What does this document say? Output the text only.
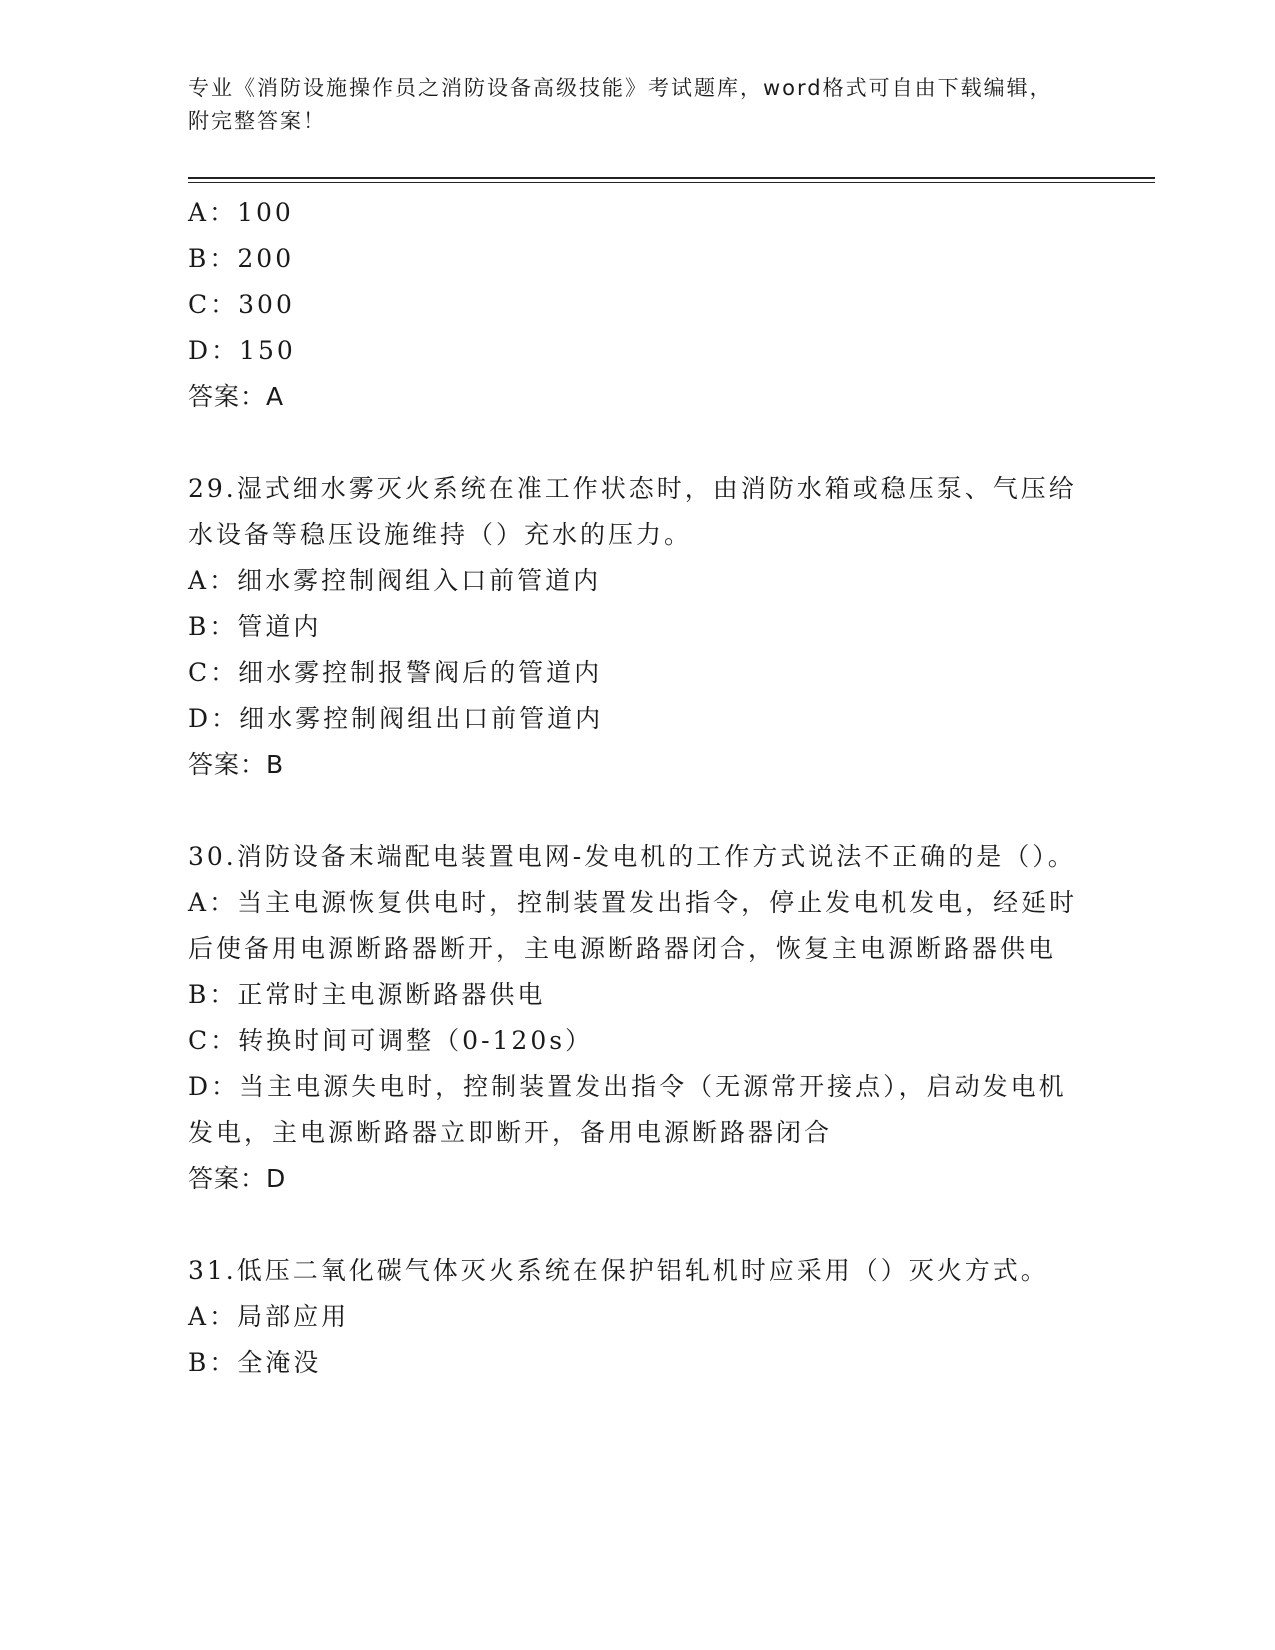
专业《消防设施操作员之消防设备高级技能》考试题库，word格式可自由下载编辑，附完整答案！

A：100

B：200

C：300

D：150

答案：A

29.湿式细水雾灭火系统在准工作状态时，由消防水箱或稳压泵、气压给水设备等稳压设施维持（）充水的压力。

A：细水雾控制阀组入口前管道内

B：管道内

C：细水雾控制报警阀后的管道内

D：细水雾控制阀组出口前管道内

答案：B

30.消防设备末端配电装置电网-发电机的工作方式说法不正确的是（）。

A：当主电源恢复供电时，控制装置发出指令，停止发电机发电，经延时后使备用电源断路器断开，主电源断路器闭合，恢复主电源断路器供电

B：正常时主电源断路器供电

C：转换时间可调整（0-120s）

D：当主电源失电时，控制装置发出指令（无源常开接点），启动发电机发电，主电源断路器立即断开，备用电源断路器闭合

答案：D

31.低压二氧化碳气体灭火系统在保护铝轧机时应采用（）灭火方式。

A：局部应用

B：全淹没
